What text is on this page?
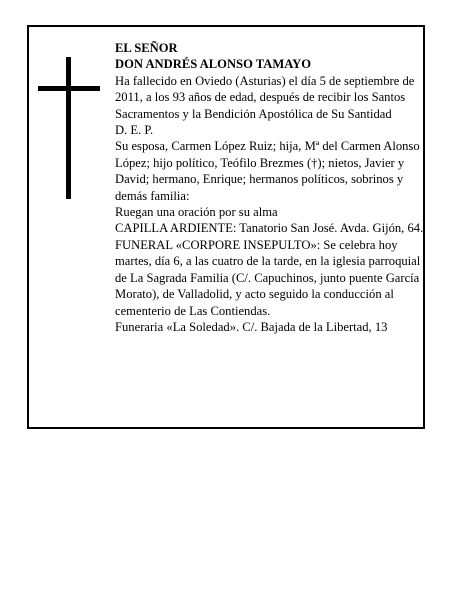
EL SEÑOR

DON ANDRÉS ALONSO TAMAYO

Ha fallecido en Oviedo (Asturias) el día 5 de septiembre de 2011, a los 93 años de edad, después de recibir los Santos Sacramentos y la Bendición Apostólica de Su Santidad

D. E. P.

Su esposa, Carmen López Ruiz; hija, Mª del Carmen Alonso López; hijo político, Teófilo Brezmes (†); nietos, Javier y David; hermano, Enrique; hermanos políticos, sobrinos y demás familia:

Ruegan una oración por su alma

CAPILLA ARDIENTE: Tanatorio San José. Avda. Gijón, 64.

FUNERAL «CORPORE INSEPULTO»: Se celebra hoy martes, día 6, a las cuatro de la tarde, en la iglesia parroquial de La Sagrada Familia (C/. Capuchinos, junto puente García Morato), de Valladolid, y acto seguido la conducción al cementerio de Las Contiendas.

Funeraria «La Soledad». C/. Bajada de la Libertad, 13
